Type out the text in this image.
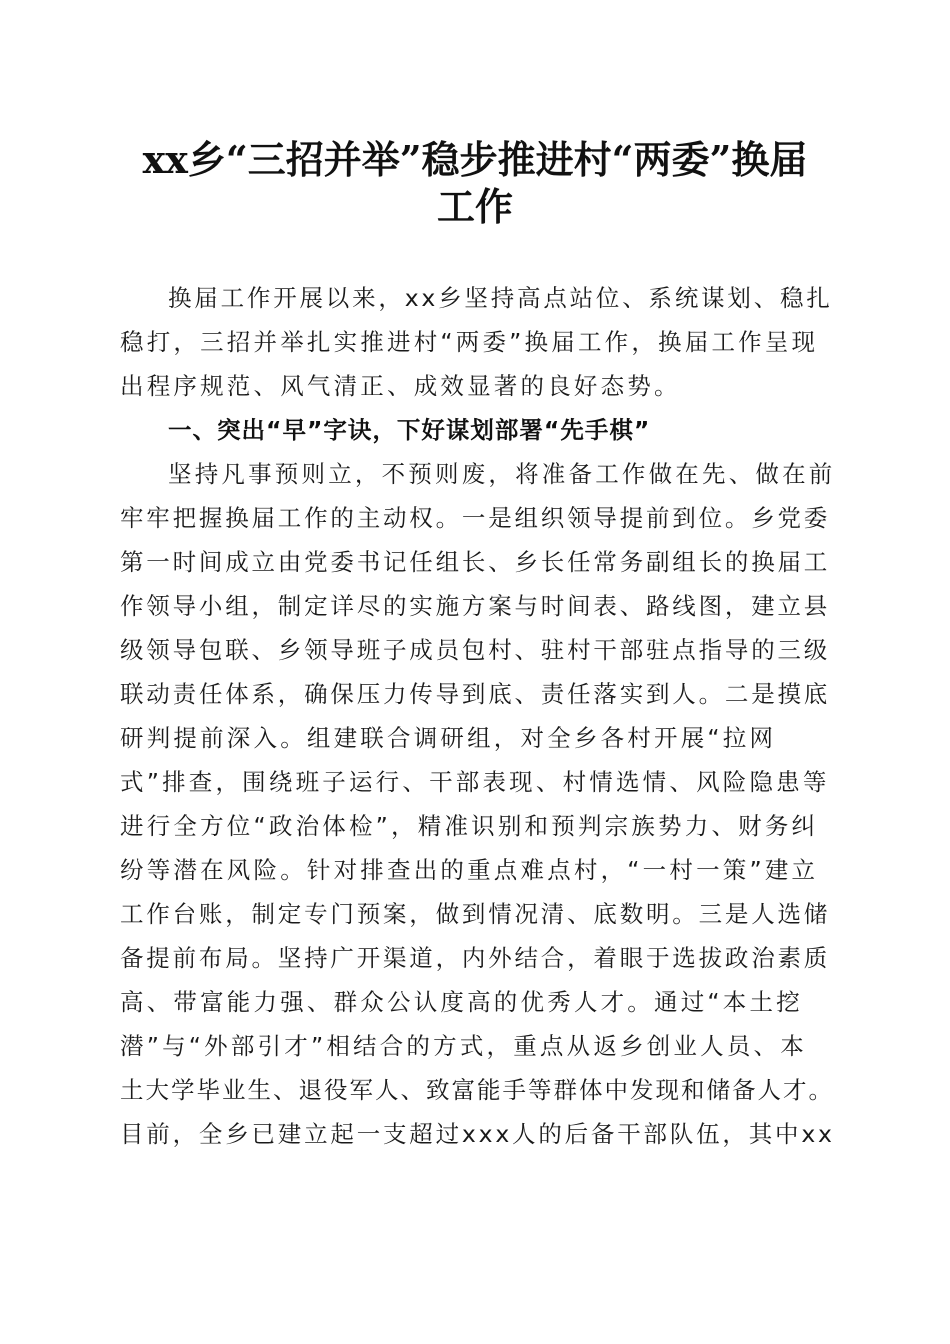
xx乡“三招并举”稳步推进村“两委”换届
工作

换届工作开展以来，xx乡坚持高点站位、系统谋划、稳扎

稳打，三招并举扎实推进村“两委”换届工作，换届工作呈现

出程序规范、风气清正、成效显著的良好态势。

一、突出“早”字诀，下好谋划部署“先手棋”

坚持凡事预则立，不预则废，将准备工作做在先、做在前

牢牢把握换届工作的主动权。一是组织领导提前到位。乡党委

第一时间成立由党委书记任组长、乡长任常务副组长的换届工

作领导小组，制定详尽的实施方案与时间表、路线图，建立县

级领导包联、乡领导班子成员包村、驻村干部驻点指导的三级

联动责任体系，确保压力传导到底、责任落实到人。二是摸底

研判提前深入。组建联合调研组，对全乡各村开展“拉网

式”排查，围绕班子运行、干部表现、村情选情、风险隐患等

进行全方位“政治体检”，精准识别和预判宗族势力、财务纠

纷等潜在风险。针对排查出的重点难点村，“一村一策”建立

工作台账，制定专门预案，做到情况清、底数明。三是人选储

备提前布局。坚持广开渠道，内外结合，着眼于选拔政治素质

高、带富能力强、群众公认度高的优秀人才。通过“本土挖

潜”与“外部引才”相结合的方式，重点从返乡创业人员、本

土大学毕业生、退役军人、致富能手等群体中发现和储备人才。

目前，全乡已建立起一支超过xxx人的后备干部队伍，其中xx
